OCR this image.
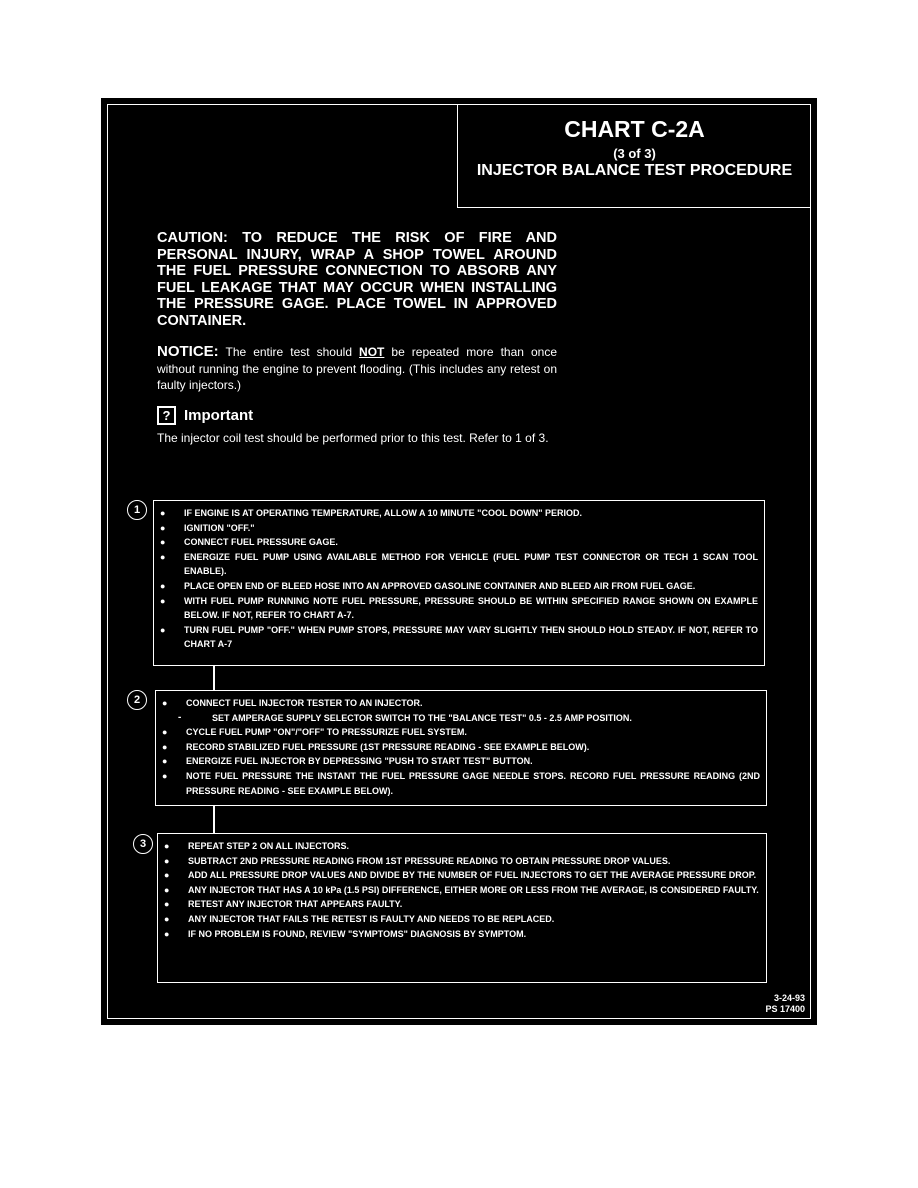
CHART C-2A
(3 of 3)
INJECTOR BALANCE TEST PROCEDURE
CAUTION: TO REDUCE THE RISK OF FIRE AND PERSONAL INJURY, WRAP A SHOP TOWEL AROUND THE FUEL PRESSURE CONNECTION TO ABSORB ANY FUEL LEAKAGE THAT MAY OCCUR WHEN INSTALLING THE PRESSURE GAGE. PLACE TOWEL IN APPROVED CONTAINER.
NOTICE: The entire test should NOT be repeated more than once without running the engine to prevent flooding. (This includes any retest on faulty injectors.)
? Important
The injector coil test should be performed prior to this test. Refer to 1 of 3.
1	● IF ENGINE IS AT OPERATING TEMPERATURE, ALLOW A 10 MINUTE "COOL DOWN" PERIOD.
● IGNITION "OFF."
● CONNECT FUEL PRESSURE GAGE.
● ENERGIZE FUEL PUMP USING AVAILABLE METHOD FOR VEHICLE (FUEL PUMP TEST CONNECTOR OR TECH 1 SCAN TOOL ENABLE).
● PLACE OPEN END OF BLEED HOSE INTO AN APPROVED GASOLINE CONTAINER AND BLEED AIR FROM FUEL GAGE.
● WITH FUEL PUMP RUNNING NOTE FUEL PRESSURE, PRESSURE SHOULD BE WITHIN SPECIFIED RANGE SHOWN ON EXAMPLE BELOW. IF NOT, REFER TO CHART A-7.
● TURN FUEL PUMP "OFF." WHEN PUMP STOPS, PRESSURE MAY VARY SLIGHTLY THEN SHOULD HOLD STEADY. IF NOT, REFER TO CHART A-7
2	● CONNECT FUEL INJECTOR TESTER TO AN INJECTOR.
- SET AMPERAGE SUPPLY SELECTOR SWITCH TO THE "BALANCE TEST" 0.5 - 2.5 AMP POSITION.
● CYCLE FUEL PUMP "ON"/"OFF" TO PRESSURIZE FUEL SYSTEM.
● RECORD STABILIZED FUEL PRESSURE (1ST PRESSURE READING - SEE EXAMPLE BELOW).
● ENERGIZE FUEL INJECTOR BY DEPRESSING "PUSH TO START TEST" BUTTON.
● NOTE FUEL PRESSURE THE INSTANT THE FUEL PRESSURE GAGE NEEDLE STOPS. RECORD FUEL PRESSURE READING (2ND PRESSURE READING - SEE EXAMPLE BELOW).
3	● REPEAT STEP 2 ON ALL INJECTORS.
● SUBTRACT 2ND PRESSURE READING FROM 1ST PRESSURE READING TO OBTAIN PRESSURE DROP VALUES.
● ADD ALL PRESSURE DROP VALUES AND DIVIDE BY THE NUMBER OF FUEL INJECTORS TO GET THE AVERAGE PRESSURE DROP.
● ANY INJECTOR THAT HAS A 10 kPa (1.5 PSI) DIFFERENCE, EITHER MORE OR LESS FROM THE AVERAGE, IS CONSIDERED FAULTY.
● RETEST ANY INJECTOR THAT APPEARS FAULTY.
● ANY INJECTOR THAT FAILS THE RETEST IS FAULTY AND NEEDS TO BE REPLACED.
● IF NO PROBLEM IS FOUND, REVIEW "SYMPTOMS" DIAGNOSIS BY SYMPTOM.
3-24-93
PS 17400
